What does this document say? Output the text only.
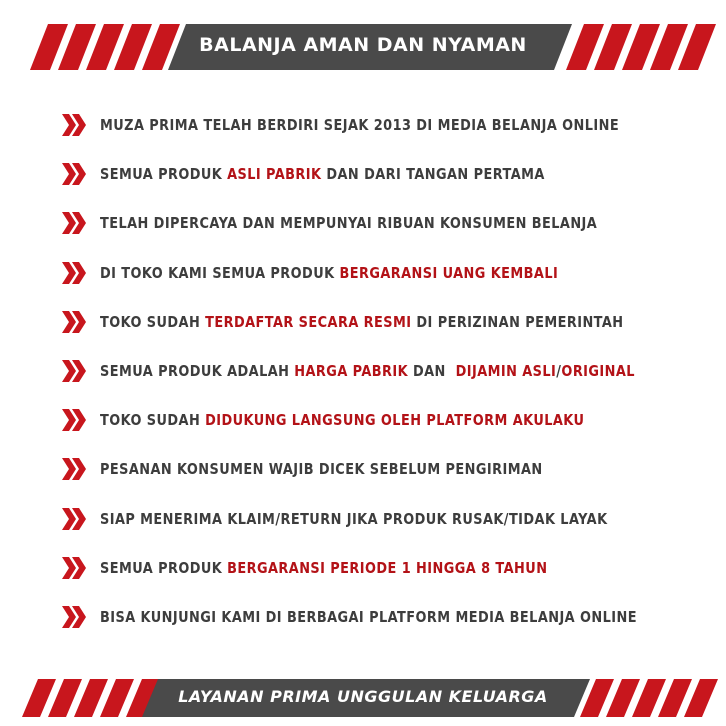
BALANJA AMAN DAN NYAMAN
MUZA PRIMA TELAH BERDIRI SEJAK 2013 DI MEDIA BELANJA ONLINE
SEMUA PRODUK ASLI PABRIK DAN DARI TANGAN PERTAMA
TELAH DIPERCAYA DAN MEMPUNYAI RIBUAN KONSUMEN BELANJA
DI TOKO KAMI SEMUA PRODUK BERGARANSI UANG KEMBALI
TOKO SUDAH TERDAFTAR SECARA RESMI DI PERIZINAN PEMERINTAH
SEMUA PRODUK ADALAH HARGA PABRIK DAN  DIJAMIN ASLI/ORIGINAL
TOKO SUDAH DIDUKUNG LANGSUNG OLEH PLATFORM AKULAKU
PESANAN KONSUMEN WAJIB DICEK SEBELUM PENGIRIMAN
SIAP MENERIMA KLAIM/RETURN JIKA PRODUK RUSAK/TIDAK LAYAK
SEMUA PRODUK BERGARANSI PERIODE 1 HINGGA 8 TAHUN
BISA KUNJUNGI KAMI DI BERBAGAI PLATFORM MEDIA BELANJA ONLINE
LAYANAN PRIMA UNGGULAN KELUARGA
